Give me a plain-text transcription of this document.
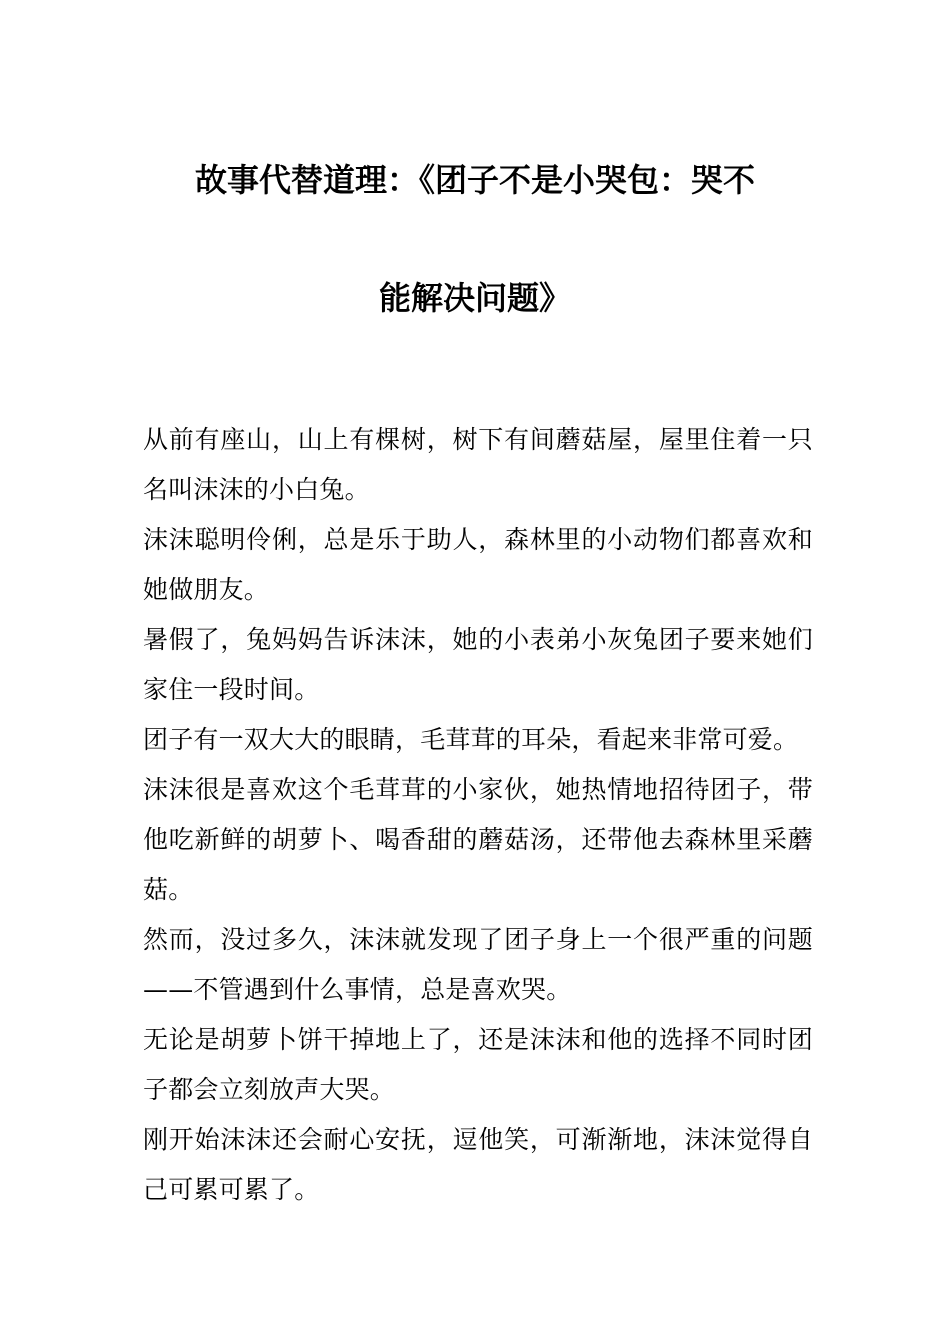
故事代替道理：《团子不是小哭包：哭不
能解决问题》

从前有座山，山上有棵树，树下有间蘑菇屋，屋里住着一只名叫沫沫的小白兔。

沫沫聪明伶俐，总是乐于助人，森林里的小动物们都喜欢和她做朋友。

暑假了，兔妈妈告诉沫沫，她的小表弟小灰兔团子要来她们家住一段时间。

团子有一双大大的眼睛，毛茸茸的耳朵，看起来非常可爱。

沫沫很是喜欢这个毛茸茸的小家伙，她热情地招待团子，带他吃新鲜的胡萝卜、喝香甜的蘑菇汤，还带他去森林里采蘑菇。

然而，没过多久，沫沫就发现了团子身上一个很严重的问题——不管遇到什么事情，总是喜欢哭。

无论是胡萝卜饼干掉地上了，还是沫沫和他的选择不同时团子都会立刻放声大哭。

刚开始沫沫还会耐心安抚，逗他笑，可渐渐地，沫沫觉得自己可累可累了。
